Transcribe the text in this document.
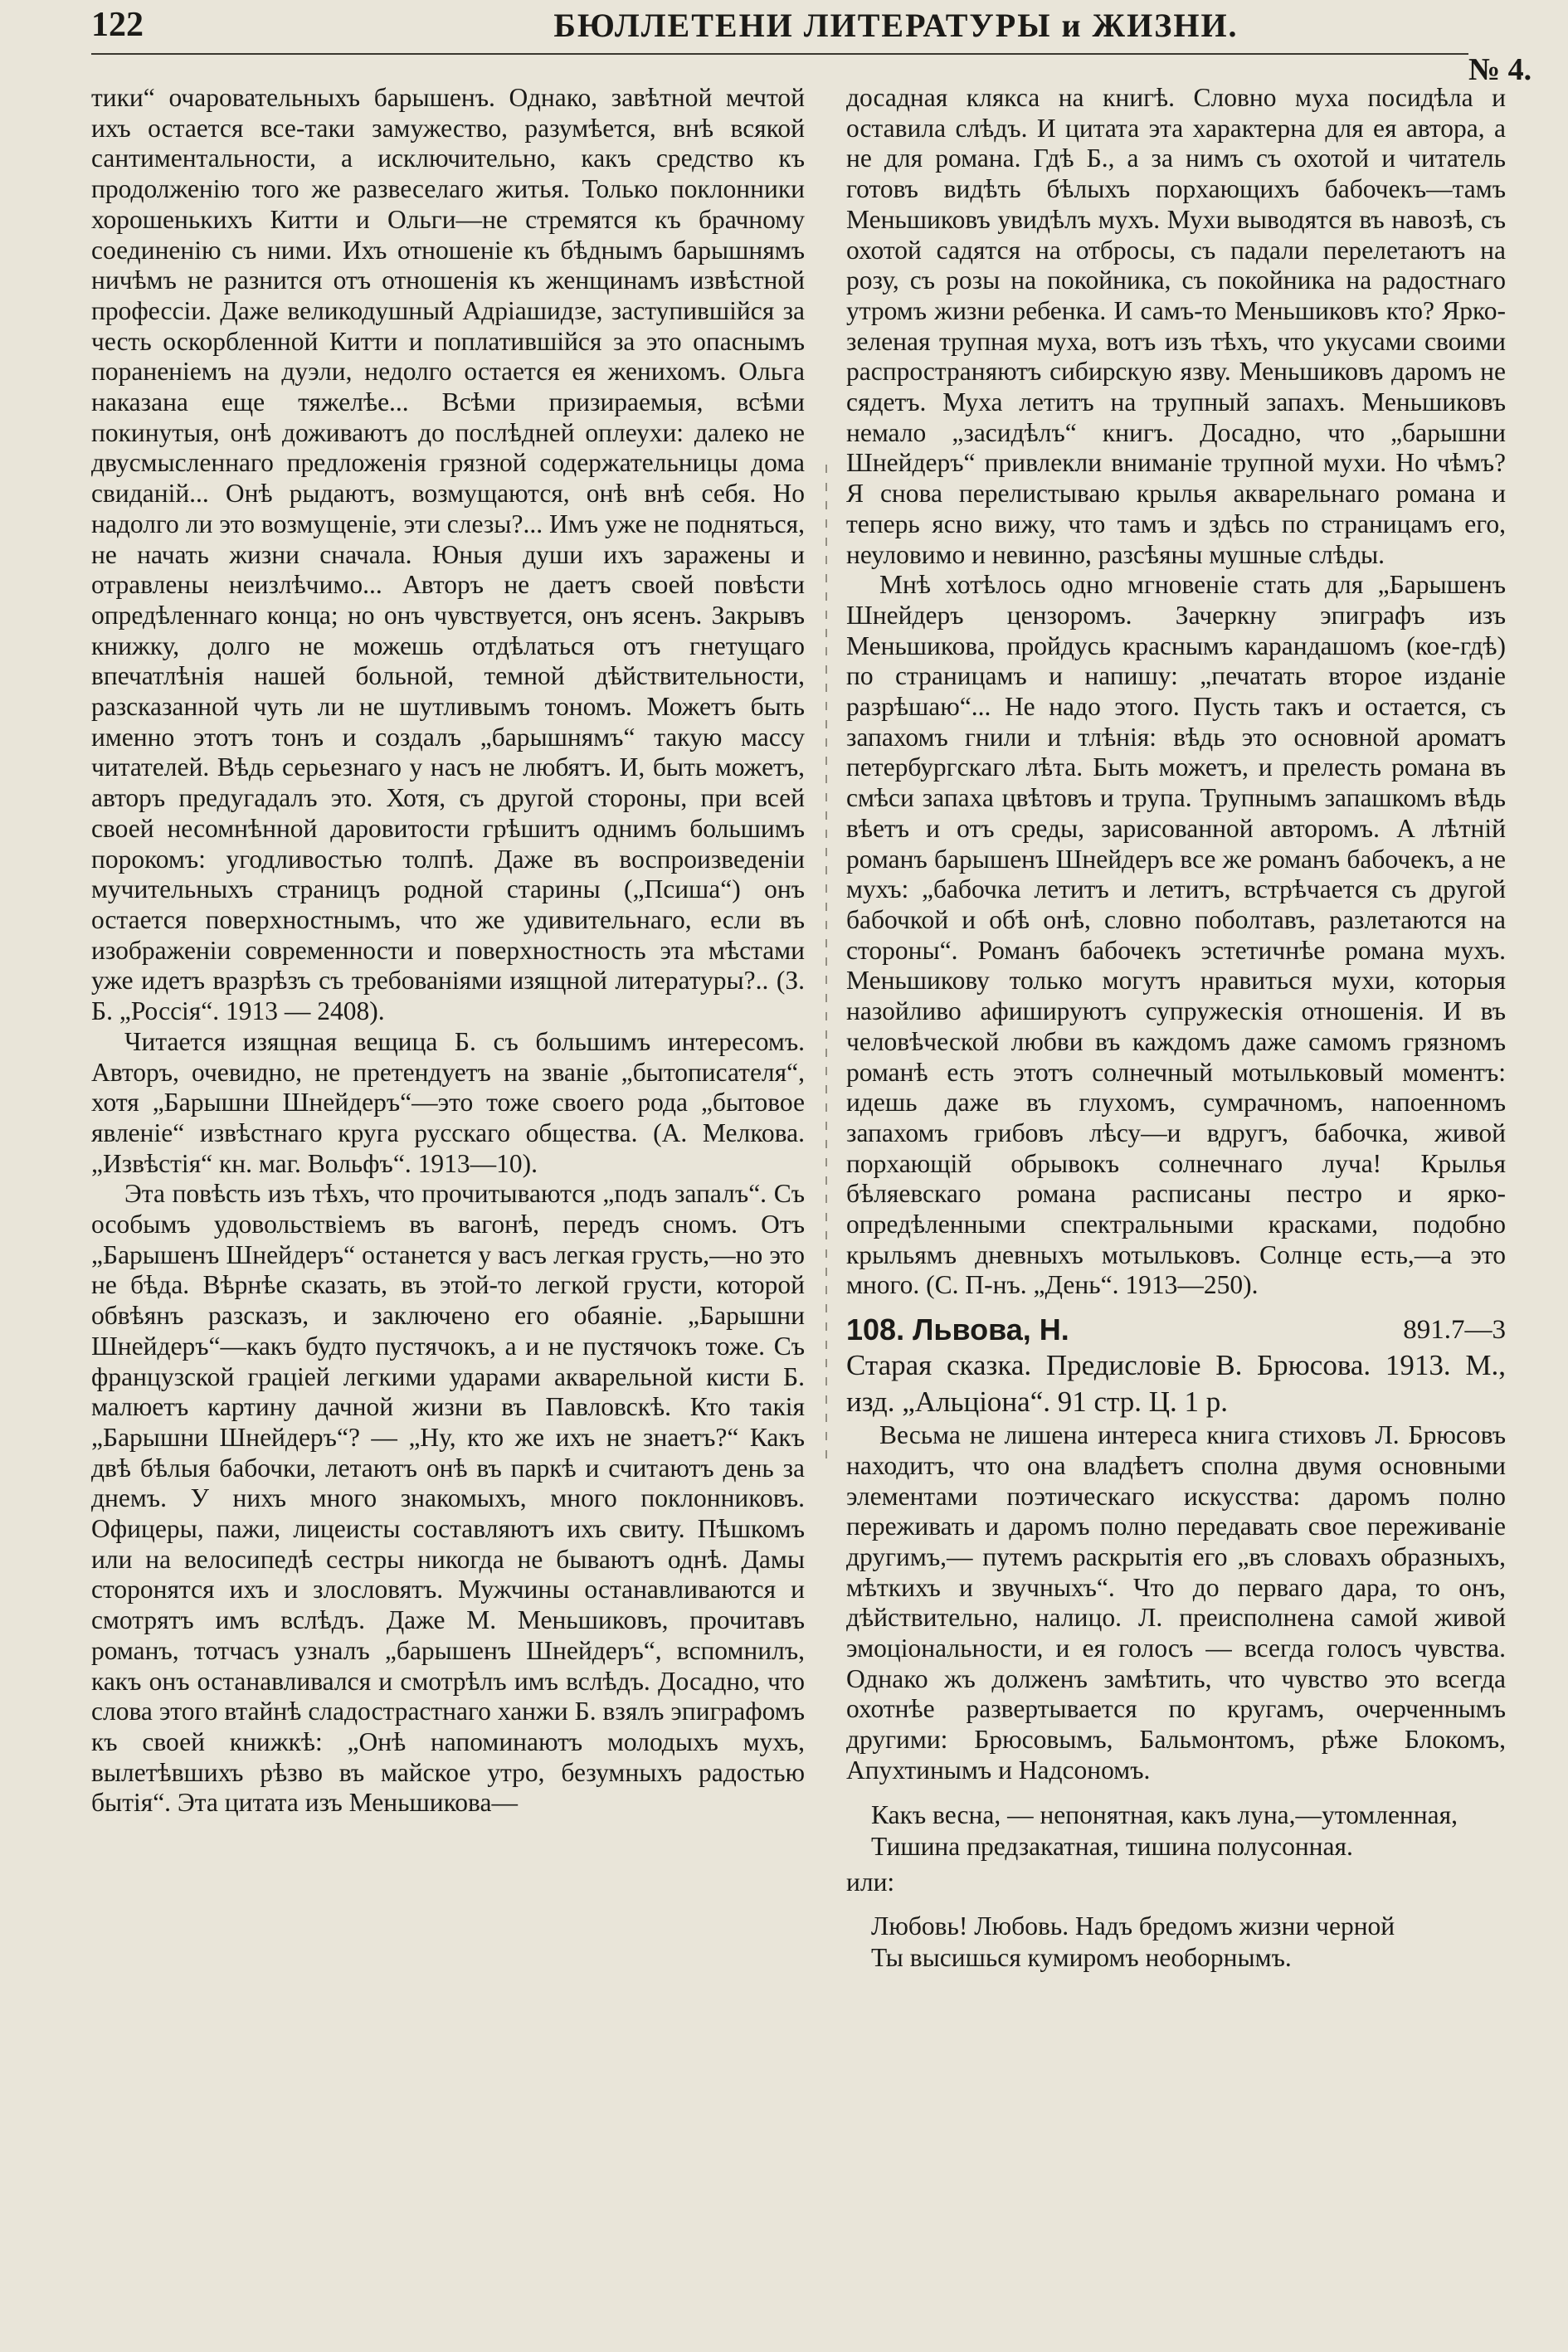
122	БЮЛЛЕТЕНИ ЛИТЕРАТУРЫ и ЖИЗНИ.
№ 4.

тики“ очаровательныхъ барышенъ. Однако, завѣтной мечтой ихъ остается все-таки замужество, разумѣется, внѣ всякой сантиментальности, а исключительно, какъ средство къ продолженію того же развеселаго житья. Только поклонники хорошенькихъ Китти и Ольги—не стремятся къ брачному соединенію съ ними. Ихъ отношеніе къ бѣднымъ барышнямъ ничѣмъ не разнится отъ отношенія къ женщинамъ извѣстной профессіи. Даже великодушный Адріашидзе, заступившійся за честь оскорбленной Китти и поплатившійся за это опаснымъ пораненіемъ на дуэли, недолго остается ея женихомъ. Ольга наказана еще тяжелѣе... Всѣми призираемыя, всѣми покинутыя, онѣ доживаютъ до послѣдней оплеухи: далеко не двусмысленнаго предложенія грязной содержательницы дома свиданій... Онѣ рыдаютъ, возмущаются, онѣ внѣ себя. Но надолго ли это возмущеніе, эти слезы?... Имъ уже не подняться, не начать жизни сначала. Юныя души ихъ заражены и отравлены неизлѣчимо... Авторъ не даетъ своей повѣсти опредѣленнаго конца; но онъ чувствуется, онъ ясенъ. Закрывъ книжку, долго не можешь отдѣлаться отъ гнетущаго впечатлѣнія нашей больной, темной дѣйствительности, разсказанной чуть ли не шутливымъ тономъ. Можетъ быть именно этотъ тонъ и создалъ „барышнямъ“ такую массу читателей. Вѣдь серьезнаго у насъ не любятъ. И, быть можетъ, авторъ предугадалъ это. Хотя, съ другой стороны, при всей своей несомнѣнной даровитости грѣшитъ однимъ большимъ порокомъ: угодливостью толпѣ. Даже въ воспроизведеніи мучительныхъ страницъ родной старины („Псиша“) онъ остается поверхностнымъ, что же удивительнаго, если въ изображеніи современности и поверхностность эта мѣстами уже идетъ вразрѣзъ съ требованіями изящной литературы?.. (З. Б. „Россія“. 1913 — 2408).

Читается изящная вещица Б. съ большимъ интересомъ. Авторъ, очевидно, не претендуетъ на званіе „бытописателя“, хотя „Барышни Шнейдеръ“—это тоже своего рода „бытовое явленіе“ извѣстнаго круга русскаго общества. (А. Мелкова. „Извѣстія“ кн. маг. Вольфъ“. 1913—10).

Эта повѣсть изъ тѣхъ, что прочитываются „подъ запалъ“. Съ особымъ удовольствіемъ въ вагонѣ, передъ сномъ. Отъ „Барышенъ Шнейдеръ“ останется у васъ легкая грусть,—но это не бѣда. Вѣрнѣе сказать, въ этой-то легкой грусти, которой обвѣянъ разсказъ, и заключено его обаяніе. „Барышни Шнейдеръ“—какъ будто пустячокъ, а и не пустячокъ тоже. Съ французской граціей легкими ударами акварельной кисти Б. малюетъ картину дачной жизни въ Павловскѣ. Кто такія „Барышни Шнейдеръ“? — „Ну, кто же ихъ не знаетъ?“ Какъ двѣ бѣлыя бабочки, летаютъ онѣ въ паркѣ и считаютъ день за днемъ. У нихъ много знакомыхъ, много поклонниковъ. Офицеры, пажи, лицеисты составляютъ ихъ свиту. Пѣшкомъ или на велосипедѣ сестры никогда не бываютъ однѣ. Дамы сторонятся ихъ и злословятъ. Мужчины останавливаются и смотрятъ имъ вслѣдъ. Даже М. Меньшиковъ, прочитавъ романъ, тотчасъ узналъ „барышенъ Шнейдеръ“, вспомнилъ, какъ онъ останавливался и смотрѣлъ имъ вслѣдъ. Досадно, что слова этого втайнѣ сладострастнаго ханжи Б. взялъ эпиграфомъ къ своей книжкѣ: „Онѣ напоминаютъ молодыхъ мухъ, вылетѣвшихъ рѣзво въ майское утро, безумныхъ радостью бытія“. Эта цитата изъ Меньшикова—

досадная клякса на книгѣ. Словно муха посидѣла и оставила слѣдъ. И цитата эта характерна для ея автора, а не для романа. Гдѣ Б., а за нимъ съ охотой и читатель готовъ видѣть бѣлыхъ порхающихъ бабочекъ—тамъ Меньшиковъ увидѣлъ мухъ. Мухи выводятся въ навозѣ, съ охотой садятся на отбросы, съ падали перелетаютъ на розу, съ розы на покойника, съ покойника на радостнаго утромъ жизни ребенка. И самъ-то Меньшиковъ кто? Ярко-зеленая трупная муха, вотъ изъ тѣхъ, что укусами своими распространяютъ сибирскую язву. Меньшиковъ даромъ не сядетъ. Муха летитъ на трупный запахъ. Меньшиковъ немало „засидѣлъ“ книгъ. Досадно, что „барышни Шнейдеръ“ привлекли вниманіе трупной мухи. Но чѣмъ? Я снова перелистываю крылья акварельнаго романа и теперь ясно вижу, что тамъ и здѣсь по страницамъ его, неуловимо и невинно, разсѣяны мушные слѣды.

Мнѣ хотѣлось одно мгновеніе стать для „Барышенъ Шнейдеръ цензоромъ. Зачеркну эпиграфъ изъ Меньшикова, пройдусь краснымъ карандашомъ (кое-гдѣ) по страницамъ и напишу: „печатать второе изданіе разрѣшаю“... Не надо этого. Пусть такъ и остается, съ запахомъ гнили и тлѣнія: вѣдь это основной ароматъ петербургскаго лѣта. Быть можетъ, и прелесть романа въ смѣси запаха цвѣтовъ и трупа. Трупнымъ запашкомъ вѣдь вѣетъ и отъ среды, зарисованной авторомъ. А лѣтній романъ барышенъ Шнейдеръ все же романъ бабочекъ, а не мухъ: „бабочка летитъ и летитъ, встрѣчается съ другой бабочкой и обѣ онѣ, словно поболтавъ, разлетаются на стороны“. Романъ бабочекъ эстетичнѣе романа мухъ. Меньшикову только могутъ нравиться мухи, которыя назойливо афишируютъ супружескія отношенія. И въ человѣческой любви въ каждомъ даже самомъ грязномъ романѣ есть этотъ солнечный мотыльковый моментъ: идешь даже въ глухомъ, сумрачномъ, напоенномъ запахомъ грибовъ лѣсу—и вдругъ, бабочка, живой порхающій обрывокъ солнечнаго луча! Крылья бѣляевскаго романа расписаны пестро и ярко-опредѣленными спектральными красками, подобно крыльямъ дневныхъ мотыльковъ. Солнце есть,—а это много. (С. П-нъ. „День“. 1913—250).

108. Львова, Н.	891.7—3
Старая сказка. Предисловіе В. Брюсова. 1913. М., изд. „Альціона“. 91 стр. Ц. 1 р.

Весьма не лишена интереса книга стиховъ Л. Брюсовъ находитъ, что она владѣетъ сполна двумя основными элементами поэтическаго искусства: даромъ полно переживать и даромъ полно передавать свое переживаніе другимъ,— путемъ раскрытія его „въ словахъ образныхъ, мѣткихъ и звучныхъ“. Что до перваго дара, то онъ, дѣйствительно, налицо. Л. преисполнена самой живой эмоціональности, и ея голосъ — всегда голосъ чувства. Однако жъ долженъ замѣтить, что чувство это всегда охотнѣе развертывается по кругамъ, очерченнымъ другими: Брюсовымъ, Бальмонтомъ, рѣже Блокомъ, Апухтинымъ и Надсономъ.

Какъ весна, — непонятная, какъ луна,—утомленная,
Тишина предзакатная, тишина полусонная.
или:
Любовь! Любовь. Надъ бредомъ жизни черной
Ты высишься кумиромъ необорнымъ.
